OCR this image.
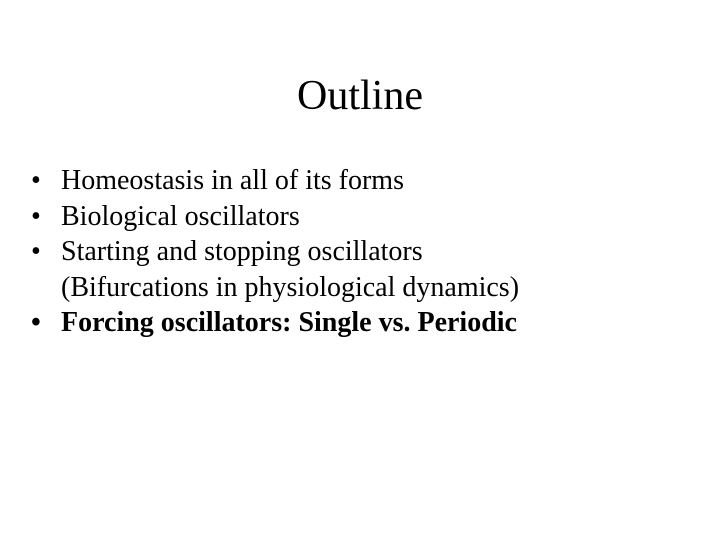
Outline
• Homeostasis in all of its forms
• Biological oscillators
• Starting and stopping oscillators
(Bifurcations in physiological dynamics)
• Forcing oscillators: Single vs. Periodic
